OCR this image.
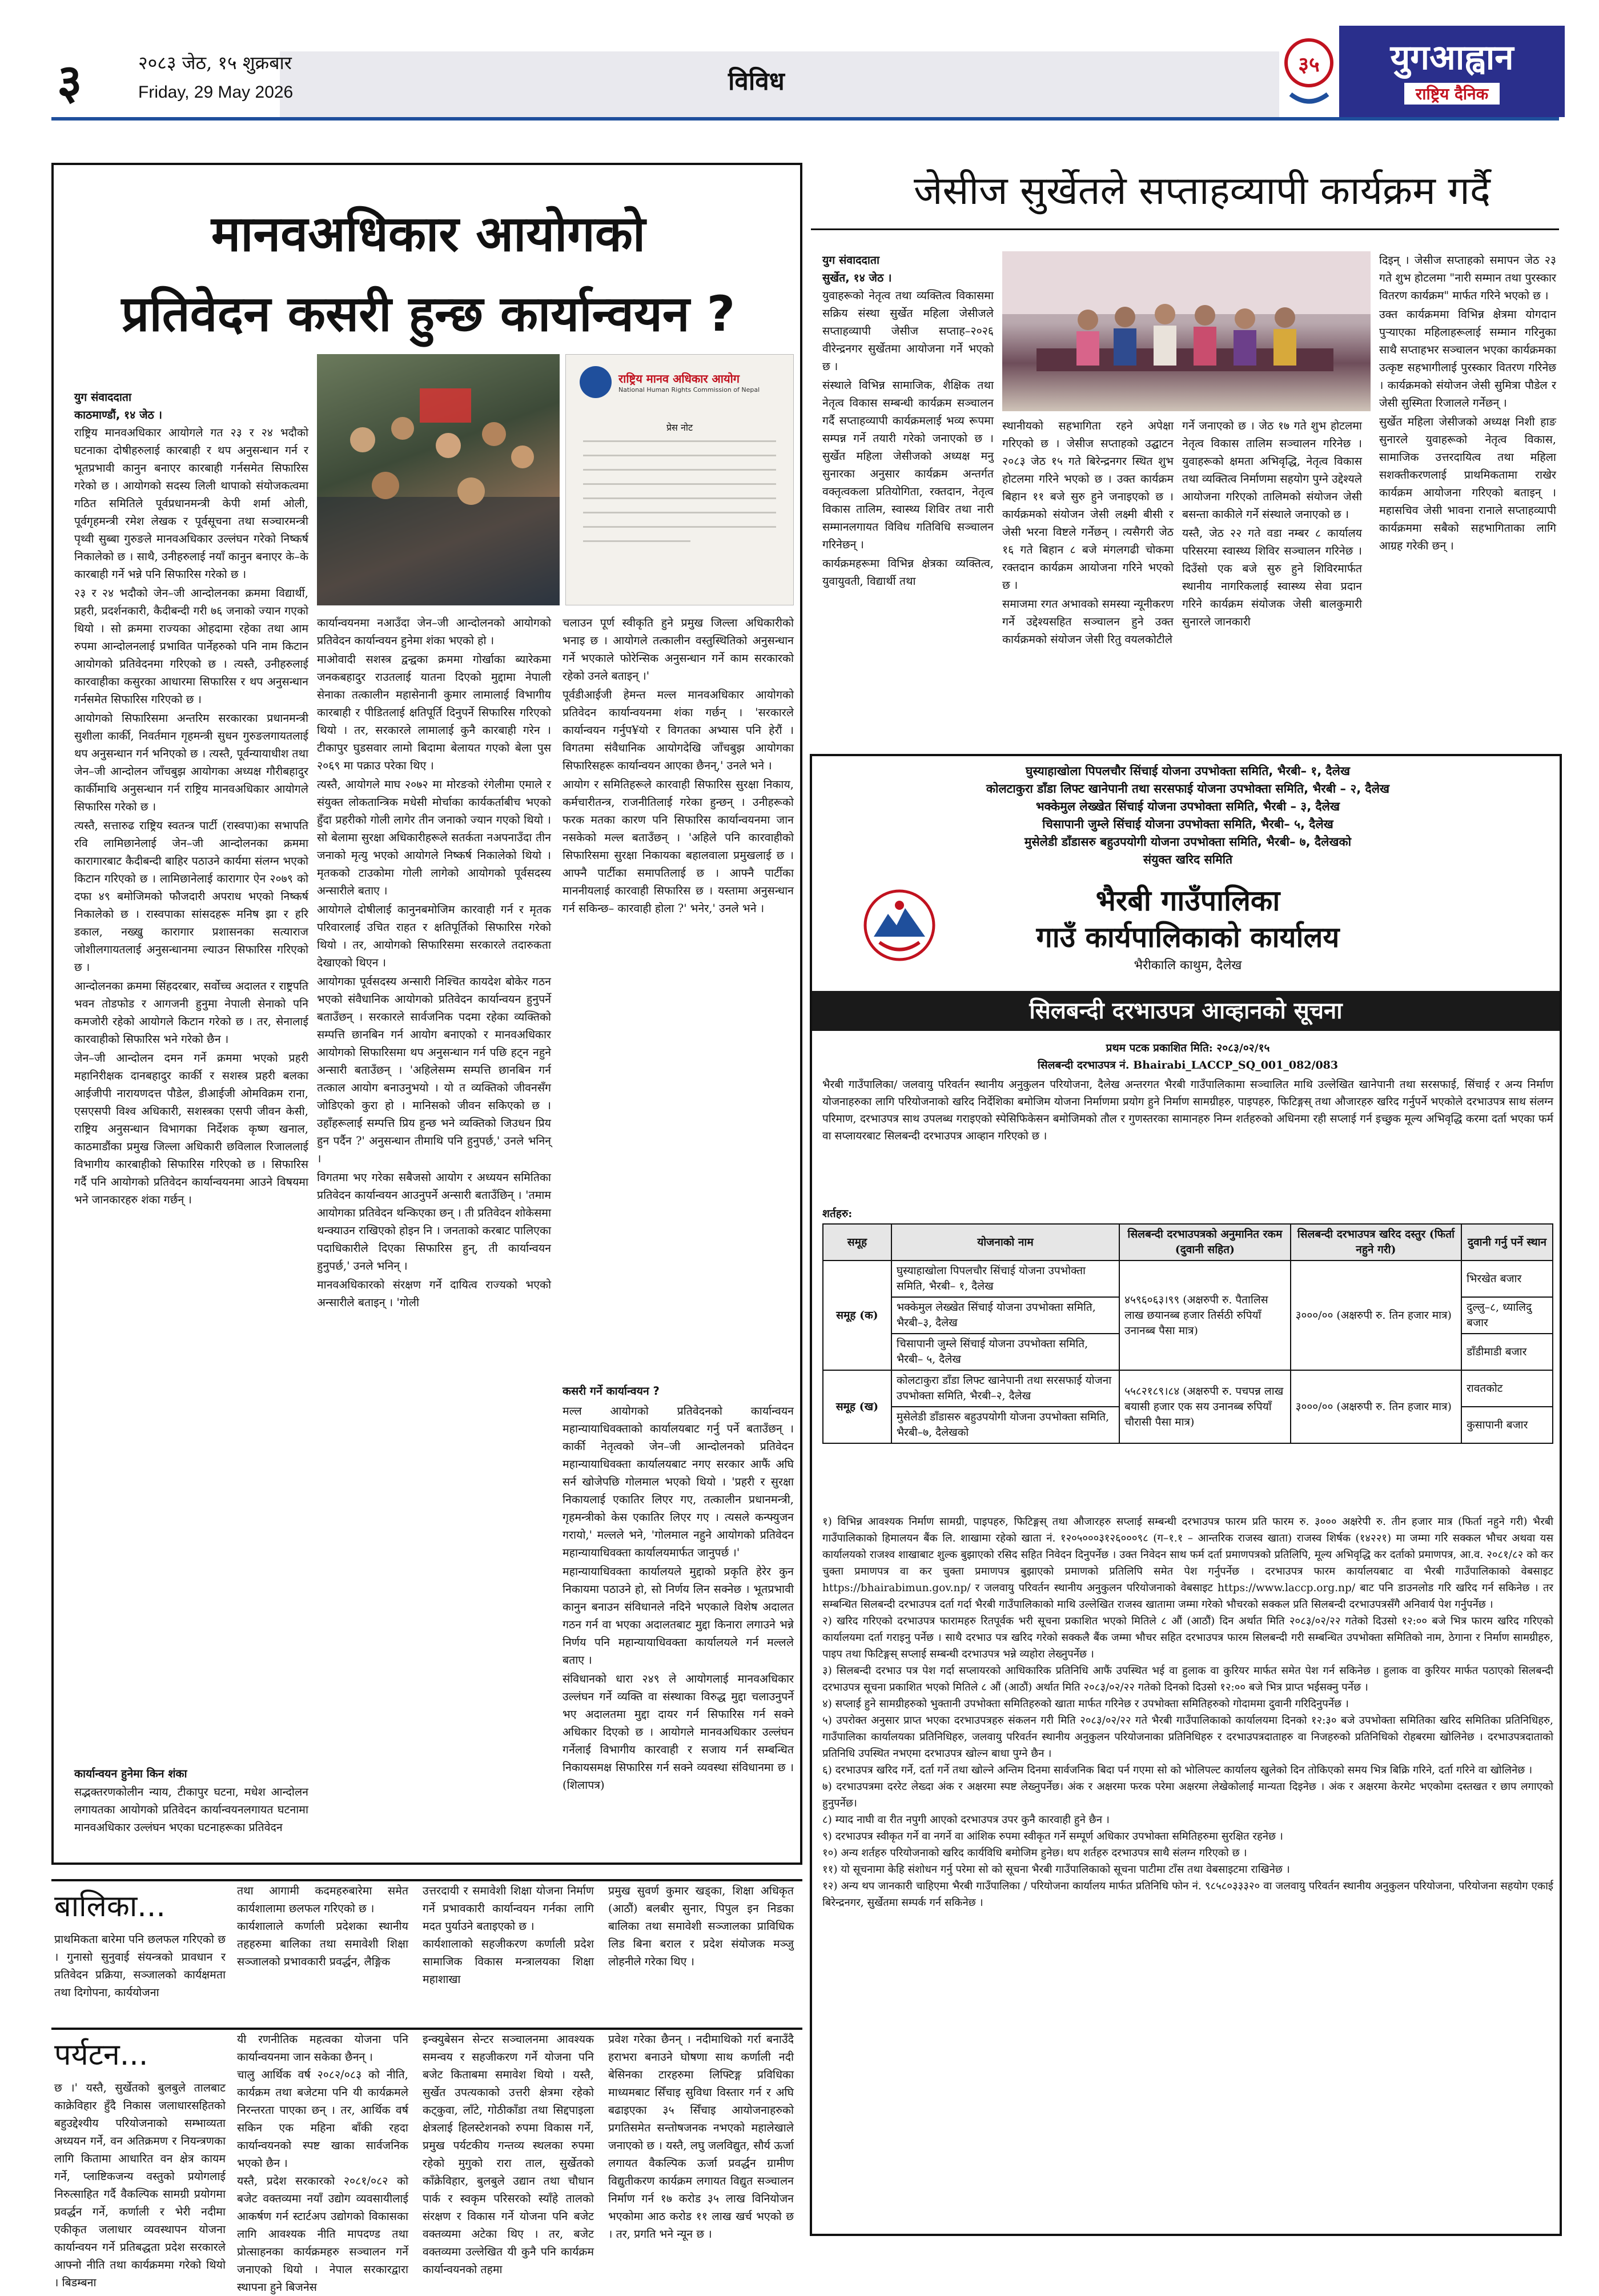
३	२०८३ जेठ, १५ शुक्रबार
Friday, 29 May 2026	विविध
३५	युगआह्वान
राष्ट्रिय दैनिक
मानवअधिकार आयोगको
प्रतिवेदन कसरी हुन्छ कार्यान्वयन ?
राष्ट्रिय मानव अधिकार आयोग
National Human Rights Commission of Nepal
प्रेस नोट
युग संवाददाता
काठमाण्डौं, १४ जेठ ।

राष्ट्रिय मानवअधिकार आयोगले गत २३ र २४ भदौको घटनाका दोषीहरुलाई कारबाही र थप अनुसन्धान गर्न र भूतप्रभावी कानुन बनाएर कारबाही गर्नसमेत सिफारिस गरेको छ । आयोगको सदस्य लिली थापाको संयोजकत्वमा गठित समितिले पूर्वप्रधानमन्त्री केपी शर्मा ओली, पूर्वगृहमन्त्री रमेश लेखक र पूर्वसूचना तथा सञ्चारमन्त्री पृथ्वी सुब्बा गुरुङले मानवअधिकार उल्लंघन गरेको निष्कर्ष निकालेको छ । साथै, उनीहरुलाई नयाँ कानुन बनाएर के–के कारबाही गर्ने भन्ने पनि सिफारिस गरेको छ ।

२३ र २४ भदौको जेन–जी आन्दोलनका क्रममा विद्यार्थी, प्रहरी, प्रदर्शनकारी, कैदीबन्दी गरी ७६ जनाको ज्यान गएको थियो । सो क्रममा राज्यका ओहदामा रहेका तथा आम रुपमा आन्दोलनलाई प्रभावित पार्नेहरुको पनि नाम किटान आयोगको प्रतिवेदनमा गरिएको छ । त्यस्तै, उनीहरुलाई कारवाहीका कसुरका आधारमा सिफारिस र थप अनुसन्धान गर्नसमेत सिफारिस गरिएको छ ।

आयोगको सिफारिसमा अन्तरिम सरकारका प्रधानमन्त्री सुशीला कार्की, निवर्तमान गृहमन्त्री सुधन गुरुङलगायतलाई थप अनुसन्धान गर्न भनिएको छ । त्यस्तै, पूर्वन्यायाधीश तथा जेन–जी आन्दोलन जाँचबुझ आयोगका अध्यक्ष गौरीबहादुर कार्कीमाथि अनुसन्धान गर्न राष्ट्रिय मानवअधिकार आयोगले सिफारिस गरेको छ ।

त्यस्तै, सत्तारुढ राष्ट्रिय स्वतन्त्र पार्टी (रास्वपा)का सभापति रवि लामिछानेलाई जेन–जी आन्दोलनका क्रममा कारागारबाट कैदीबन्दी बाहिर पठाउने कार्यमा संलग्न भएको किटान गरिएको छ । लामिछानेलाई कारागार ऐन २०७९ को दफा ४९ बमोजिमको फौजदारी अपराध भएको निष्कर्ष निकालेको छ । रास्वपाका सांसदहरू मनिष झा र हरि डकाल, नख्खु कारागार प्रशासनका सत्याराज जोशीलगायतलाई अनुसन्धानमा ल्याउन सिफारिस गरिएको छ ।

आन्दोलनका क्रममा सिंहदरबार, सर्वोच्च अदालत र राष्ट्रपति भवन तोडफोड र आगजनी हुनुमा नेपाली सेनाको पनि कमजोरी रहेको आयोगले किटान गरेको छ । तर, सेनालाई कारवाहीको सिफारिस भने गरेको छैन ।

जेन–जी आन्दोलन दमन गर्ने क्रममा भएको प्रहरी महानिरीक्षक दानबहादुर कार्की र सशस्त्र प्रहरी बलका आईजीपी नारायणदत्त पौडेल, डीआईजी ओमविक्रम राना, एसएसपी विश्व अधिकारी, सशस्त्रका एसपी जीवन केसी, राष्ट्रिय अनुसन्धान विभागका निर्देशक कृष्ण खनाल, काठमाडौंका प्रमुख जिल्ला अधिकारी छविलाल रिजाललाई विभागीय कारबाहीको सिफारिस गरिएको छ । सिफारिस गर्दै पनि आयोगको प्रतिवेदन कार्यान्वयनमा आउने विषयमा भने जानकारहरु शंका गर्छन् ।

कार्यान्वयन हुनेमा किन शंका
सद्भक्तरणकोलीन न्याय, टीकापुर घटना, मधेश आन्दोलन लगायतका आयोगको प्रतिवेदन कार्यान्वयनलगायत घटनामा मानवअधिकार उल्लंघन भएका घटनाहरूका प्रतिवेदन

कार्यान्वयनमा नआउँदा जेन–जी आन्दोलनको आयोगको प्रतिवेदन कार्यान्वयन हुनेमा शंका भएको हो ।

माओवादी सशस्त्र द्वन्द्वका क्रममा गोर्खाका ब्यारेकमा जनकबहादुर राउतलाई यातना दिएको मुद्दामा नेपाली सेनाका तत्कालीन महासेनानी कुमार लामालाई विभागीय कारबाही र पीडितलाई क्षतिपूर्ति दिनुपर्ने सिफारिस गरिएको थियो । तर, सरकारले लामालाई कुनै कारबाही गरेन । टीकापुर घुडसवार लामो बिदामा बेलायत गएको बेला पुस २०६९ मा पक्राउ परेका थिए ।

त्यस्तै, आयोगले माघ २०७२ मा मोरङको रंगेलीमा एमाले र संयुक्त लोकतान्त्रिक मधेसी मोर्चाका कार्यकर्ताबीच भएको हुँदा प्रहरीको गोली लागेर तीन जनाको ज्यान गएको थियो । सो बेलामा सुरक्षा अधिकारीहरूले सतर्कता नअपनाउँदा तीन जनाको मृत्यु भएको आयोगले निष्कर्ष निकालेको थियो । मृतकको टाउकोमा गोली लागेको आयोगको पूर्वसदस्य अन्सारीले बताए ।

आयोगले दोषीलाई कानुनबमोजिम कारवाही गर्न र मृतक परिवारलाई उचित राहत र क्षतिपूर्तिको सिफारिस गरेको थियो । तर, आयोगको सिफारिसमा सरकारले तदारुकता देखाएको थिएन ।

आयोगका पूर्वसदस्य अन्सारी निश्चित कायदेश बोकेर गठन भएको संवैधानिक आयोगको प्रतिवेदन कार्यान्वयन हुनुपर्ने बताउँछन् । सरकारले सार्वजनिक पदमा रहेका व्यक्तिको सम्पत्ति छानबिन गर्न आयोग बनाएको र मानवअधिकार आयोगको सिफारिसमा थप अनुसन्धान गर्न पछि हट्न नहुने अन्सारी बताउँछन् । 'अहिलेसम्म सम्पत्ति छानबिन गर्न तत्काल आयोग बनाउनुभयो । यो त व्यक्तिको जीवनसँग जोडिएको कुरा हो । मानिसको जीवन सकिएको छ । उहाँहरूलाई सम्पत्ति प्रिय हुन्छ भने व्यक्तिको जिउधन प्रिय हुन पर्दैन ?' अनुसन्धान तीमाथि पनि हुनुपर्छ,' उनले भनिन् ।

विगतमा भए गरेका सबैजसो आयोग र अध्ययन समितिका प्रतिवेदन कार्यान्वयन आउनुपर्ने अन्सारी बताउँछिन् । 'तमाम आयोगका प्रतिवेदन थन्किएका छन् । ती प्रतिवेदन शोकेसमा थन्क्याउन राखिएको होइन नि । जनताको करबाट पालिएका पदाधिकारीले दिएका सिफारिस हुन्, ती कार्यान्वयन हुनुपर्छ,' उनले भनिन् ।

मानवअधिकारको संरक्षण गर्ने दायित्व राज्यको भएको अन्सारीले बताइन् । 'गोली

चलाउन पूर्ण स्वीकृति हुने प्रमुख जिल्ला अधिकारीको भनाइ छ । आयोगले तत्कालीन वस्तुस्थितिको अनुसन्धान गर्ने भएकाले फोरेन्सिक अनुसन्धान गर्ने काम सरकारको रहेको उनले बताइन् ।'

पूर्वडीआईजी हेमन्त मल्ल मानवअधिकार आयोगको प्रतिवेदन कार्यान्वयनमा शंका गर्छन् । 'सरकारले कार्यान्वयन गर्नुप¥यो र विगतका अभ्यास पनि हेरौं । विगतमा संवैधानिक आयोगदेखि जाँचबुझ आयोगका सिफारिसहरू कार्यान्वयन आएका छैनन्,' उनले भने ।

आयोग र समितिहरूले कारवाही सिफारिस सुरक्षा निकाय, कर्मचारीतन्त्र, राजनीतिलाई गरेका हुन्छन् । उनीहरूको फरक मतका कारण पनि सिफारिस कार्यान्वयनमा जान नसकेको मल्ल बताउँछन् । 'अहिले पनि कारवाहीको सिफारिसमा सुरक्षा निकायका बहालवाला प्रमुखलाई छ । आफ्नै पार्टीका समापतिलाई छ । आफ्नै पार्टीका माननीयलाई कारवाही सिफारिस छ । यस्तामा अनुसन्धान गर्न सकिन्छ– कारवाही होला ?' भनेर,' उनले भने ।

कसरी गर्ने कार्यान्वयन ?

मल्ल आयोगको प्रतिवेदनको कार्यान्वयन महान्यायाधिवक्ताको कार्यालयबाट गर्नु पर्ने बताउँछन् । कार्की नेतृत्वको जेन–जी आन्दोलनको प्रतिवेदन महान्यायाधिवक्ता कार्यालयबाट नगए सरकार आफैं अघि सर्न खोजेपछि गोलमाल भएको थियो । 'प्रहरी र सुरक्षा निकायलाई एकातिर लिएर गए, तत्कालीन प्रधानमन्त्री, गृहमन्त्रीको केस एकातिर लिएर गए । त्यसले कन्फ्युजन गरायो,' मल्लले भने, 'गोलमाल नहुने आयोगको प्रतिवेदन महान्यायाधिवक्ता कार्यालयमार्फत जानुपर्छ ।'

महान्यायाधिवक्ता कार्यालयले मुद्दाको प्रकृति हेरेर कुन निकायमा पठाउने हो, सो निर्णय लिन सक्नेछ । भूतप्रभावी कानुन बनाउन संविधानले नदिने भएकाले विशेष अदालत गठन गर्न वा भएका अदालतबाट मुद्दा किनारा लगाउने भन्ने निर्णय पनि महान्यायाधिवक्ता कार्यालयले गर्न मल्लले बताए ।

संविधानको धारा २४९ ले आयोगलाई मानवअधिकार उल्लंघन गर्ने व्यक्ति वा संस्थाका विरुद्ध मुद्दा चलाउनुपर्ने भए अदालतमा मुद्दा दायर गर्न सिफारिस गर्न सक्ने अधिकार दिएको छ । आयोगले मानवअधिकार उल्लंघन गर्नेलाई विभागीय कारवाही र सजाय गर्न सम्बन्धित निकायसमक्ष सिफारिस गर्न सक्ने व्यवस्था संविधानमा छ । (शिलापत्र)

जेसीज सुर्खेतले सप्ताहव्यापी कार्यक्रम गर्दै
युग संवाददाता
सुर्खेत, १४ जेठ ।

युवाहरूको नेतृत्व तथा व्यक्तित्व विकासमा सक्रिय संस्था सुर्खेत महिला जेसीजले सप्ताहव्यापी जेसीज सप्ताह–२०२६ वीरेन्द्रनगर सुर्खेतमा आयोजना गर्ने भएको छ ।

संस्थाले विभिन्न सामाजिक, शैक्षिक तथा नेतृत्व विकास सम्बन्धी कार्यक्रम सञ्चालन गर्दै सप्ताहव्यापी कार्यक्रमलाई भव्य रूपमा सम्पन्न गर्ने तयारी गरेको जनाएको छ । सुर्खेत महिला जेसीजको अध्यक्ष मनु सुनारका अनुसार कार्यक्रम अन्तर्गत वक्तृत्वकला प्रतियोगिता, रक्तदान, नेतृत्व विकास तालिम, स्वास्थ्य शिविर तथा नारी सम्मानलगायत विविध गतिविधि सञ्चालन गरिनेछन् ।

कार्यक्रमहरूमा विभिन्न क्षेत्रका व्यक्तित्व, युवायुवती, विद्यार्थी तथा

स्थानीयको सहभागिता रहने अपेक्षा गरिएको छ । जेसीज सप्ताहको उद्घाटन २०८३ जेठ १५ गते बिरेन्द्रनगर स्थित शुभ होटलमा गरिने भएको छ । उक्त कार्यक्रम बिहान ११ बजे सुरु हुने जनाइएको छ । कार्यक्रमको संयोजन जेसी लक्ष्मी बीसी र जेसी भरना विष्टले गर्नेछन् । त्यसैगरी जेठ १६ गते बिहान ८ बजे मंगलगढी चोकमा रक्तदान कार्यक्रम आयोजना गरिने भएको छ ।

समाजमा रगत अभावको समस्या न्यूनीकरण गर्ने उद्देश्यसहित सञ्चालन हुने उक्त कार्यक्रमको संयोजन जेसी रितु वयलकोटीले

गर्ने जनाएको छ । जेठ १७ गते शुभ होटलमा नेतृत्व विकास तालिम सञ्चालन गरिनेछ । युवाहरूको क्षमता अभिवृद्धि, नेतृत्व विकास तथा व्यक्तित्व निर्माणमा सहयोग पुग्ने उद्देश्यले आयोजना गरिएको तालिमको संयोजन जेसी बसन्ता काकीले गर्ने संस्थाले जनाएको छ ।

यस्तै, जेठ २२ गते वडा नम्बर ८ कार्यालय परिसरमा स्वास्थ्य शिविर सञ्चालन गरिनेछ । दिउँसो एक बजे सुरु हुने शिविरमार्फत स्थानीय नागरिकलाई स्वास्थ्य सेवा प्रदान गरिने कार्यक्रम संयोजक जेसी बालकुमारी सुनारले जानकारी

दिइन् । जेसीज सप्ताहको समापन जेठ २३ गते शुभ होटलमा "नारी सम्मान तथा पुरस्कार वितरण कार्यक्रम" मार्फत गरिने भएको छ ।

उक्त कार्यक्रममा विभिन्न क्षेत्रमा योगदान पुर्‍याएका महिलाहरूलाई सम्मान गरिनुका साथै सप्ताहभर सञ्चालन भएका कार्यक्रमका उत्कृष्ट सहभागीलाई पुरस्कार वितरण गरिनेछ । कार्यक्रमको संयोजन जेसी सुमित्रा पौडेल र जेसी सुस्मिता रिजालले गर्नेछन् ।

सुर्खेत महिला जेसीजको अध्यक्ष निशी हाङ सुनारले युवाहरूको नेतृत्व विकास, सामाजिक उत्तरदायित्व तथा महिला सशक्तीकरणलाई प्राथमिकतामा राखेर कार्यक्रम आयोजना गरिएको बताइन् । महासचिव जेसी भावना रानाले सप्ताहव्यापी कार्यक्रममा सबैको सहभागिताका लागि आग्रह गरेकी छन् ।

घुस्याहाखोला पिपलचौर सिंचाई योजना उपभोक्ता समिति, भैरबी– १, दैलेख
कोलटाकुरा डाँडा लिफ्ट खानेपानी तथा सरसफाई योजना उपभोक्ता समिति, भैरबी – २, दैलेख
भक्केमुल लेख्खेत सिंचाई योजना उपभोक्ता समिति, भैरबी – ३, दैलेख
चिसापानी जुम्ले सिंचाई योजना उपभोक्ता समिति, भैरबी– ५, दैलेख
मुसेलेडी डाँडासरु बहुउपयोगी योजना उपभोक्ता समिति, भैरबी– ७, दैलेखको
संयुक्त खरिद समिति
भैरबी गाउँपालिका
गाउँ कार्यपालिकाको कार्यालय
भैरीकालि काथुम, दैलेख
सिलबन्दी दरभाउपत्र आव्हानको सूचना
प्रथम पटक प्रकाशित मिति: २०८३/०२/१५
सिलबन्दी दरभाउपत्र नं. Bhairabi_LACCP_SQ_001_082/083
भैरबी गाउँपालिका/ जलवायु परिवर्तन स्थानीय अनुकुलन परियोजना, दैलेख अन्तरगत भैरबी गाउँपालिकामा सञ्चालित माथि उल्लेखित खानेपानी तथा सरसफाई, सिंचाई र अन्य निर्माण योजनाहरुका लागि परियोजनाको खरिद निर्देशिका बमोजिम योजना निर्माणमा प्रयोग हुने निर्माण सामग्रीहरु, पाइपहरु, फिटिङ्गस् तथा औजारहरु खरिद गर्नुपर्ने भएकोले दरभाउपत्र साथ संलग्न परिमाण, दरभाउपत्र साथ उपलब्ध गराइएको स्पेसिफिकेसन बमोजिमको तौल र गुणस्तरका सामानहरु निम्न शर्तहरुको अधिनमा रही सप्लाई गर्न इच्छुक मूल्य अभिवृद्धि करमा दर्ता भएका फर्म वा सप्लायरबाट सिलबन्दी दरभाउपत्र आव्हान गरिएको छ ।
शर्तहरु:
समूह	योजनाको नाम	सिलबन्दी दरभाउपत्रको अनुमानित रकम (दुवानी सहित)	सिलबन्दी दरभाउपत्र खरिद दस्तुर (फिर्ता नहुने गरी)	दुवानी गर्नु पर्ने स्थान
समूह (क)	घुस्याहाखोला पिपलचौर सिंचाई योजना उपभोक्ता समिति, भैरबी– १, दैलेख	४५९६०६३।९९ (अक्षरुपी रु. पैतालिस लाख छयानब्ब हजार तिर्सठी रुपियाँ उनानब्ब पैसा मात्र)	३०००/०० (अक्षरुपी रु. तिन हजार मात्र)	भिरखेत बजार
	भक्केमुल लेख्खेत सिंचाई योजना उपभोक्ता समिति, भैरबी–३, दैलेख			दुल्लु–८, ध्यालिदु बजार
	चिसापानी जुम्ले सिंचाई योजना उपभोक्ता समिति, भैरबी– ५, दैलेख			डाँडीमाडी बजार
समूह (ख)	कोलटाकुरा डाँडा लिफ्ट खानेपानी तथा सरसफाई योजना उपभोक्ता समिति, भैरबी–२, दैलेख	५५८२१८९।८४ (अक्षरुपी रु. पचपन्न लाख बयासी हजार एक सय उनानब्ब रुपियाँ चौरासी पैसा मात्र)	३०००/०० (अक्षरुपी रु. तिन हजार मात्र)	रावतकोट
	मुसेलेडी डाँडासरु बहुउपयोगी योजना उपभोक्ता समिति, भैरबी–७, दैलेखको			कुसापानी बजार

१) विभिन्न आवश्यक निर्माण सामग्री, पाइपहरु, फिटिङ्गस् तथा औजारहरु सप्लाई सम्बन्धी दरभाउपत्र फारम प्रति फारम रु. ३००० अक्षरेपी रु. तीन हजार मात्र (फिर्ता नहुने गरी) भैरबी गाउँपालिकाको हिमालयन बैंक लि. शाखामा रहेको खाता नं. १२०५०००३१२६०००९८ (ग–१.१ – आन्तरिक राजस्व खाता) राजस्व शिर्षक (१४२२१) मा जम्मा गरि सक्कल भौचर अथवा यस कार्यालयको राजश्व शाखाबाट शुल्क बुझाएको रसिद सहित निवेदन दिनुपर्नेछ । उक्त निवेदन साथ फर्म दर्ता प्रमाणपत्रको प्रतिलिपि, मूल्य अभिवृद्धि कर दर्ताको प्रमाणपत्र, आ.व. २०८१/८२ को कर चुक्ता प्रमाणपत्र वा कर चुक्ता प्रमाणपत्र बुझाएको प्रमाणको प्रतिलिपि समेत पेश गर्नुपर्नेछ । दरभाउपत्र फारम कार्यालयबाट वा भैरबी गाउँपालिकाको वेबसाइट https://bhairabimun.gov.np/ र जलवायु परिवर्तन स्थानीय अनुकुलन परियोजनाको वेबसाइट https://www.laccp.org.np/ बाट पनि डाउनलोड गरि खरिद गर्न सकिनेछ । तर सम्बन्धित सिलबन्दी दरभाउपत्र दर्ता गर्दा भैरबी गाउँपालिकाको माथि उल्लेखित राजस्व खातामा जम्मा गरेको भौचरको सक्कल प्रति सिलबन्दी दरभाउपत्रसँगै अनिवार्य पेश गर्नुपर्नेछ ।

२) खरिद गरिएको दरभाउपत्र फारामहरु रितपूर्वक भरी सूचना प्रकाशित भएको मितिले ८ औं (आठौं) दिन अर्थात मिति २०८३/०२/२२ गतेको दिउसो १२:०० बजे भित्र फारम खरिद गरिएको कार्यालयमा दर्ता गराइनु पर्नेछ । साथै दरभाउ पत्र खरिद गरेको सक्कलै बैंक जम्मा भौचर सहित दरभाउपत्र फारम सिलबन्दी गरी सम्बन्धित उपभोक्ता समितिको नाम, ठेगाना र निर्माण सामग्रीहरु, पाइप तथा फिटिङ्गस् सप्लाई सम्बन्धी दरभाउपत्र भन्ने व्यहोरा लेख्नुपर्नेछ ।

३) सिलबन्दी दरभाउ पत्र पेश गर्दा सप्लायरको आधिकारिक प्रतिनिधि आफैं उपस्थित भई वा हुलाक वा कुरियर मार्फत समेत पेश गर्न सकिनेछ । हुलाक वा कुरियर मार्फत पठाएको सिलबन्दी दरभाउपत्र सूचना प्रकाशित भएको मितिले ८ औं (आठौं) अर्थात मिति २०८३/०२/२२ गतेको दिनको दिउसो १२:०० बजे भित्र प्राप्त भईसक्नु पर्नेछ ।

४) सप्लाई हुने सामग्रीहरुको भुक्तानी उपभोक्ता समितिहरुको खाता मार्फत गरिनेछ र उपभोक्ता समितिहरुको गोदाममा दुवानी गरिदिनुपर्नेछ ।

५) उपरोक्त अनुसार प्राप्त भएका दरभाउपत्रहरु संकलन गरी मिति २०८३/०२/२२ गते भैरबी गाउँपालिकाको कार्यालयमा दिनको १२:३० बजे उपभोक्ता समितिका खरिद समितिका प्रतिनिधिहरु, गाउँपालिका कार्यालयका प्रतिनिधिहरु, जलवायु परिवर्तन स्थानीय अनुकुलन परियोजनाका प्रतिनिधिहरु र दरभाउपत्रदाताहरु वा निजहरुको प्रतिनिधिको रोहबरमा खोलिनेछ । दरभाउपत्रदाताको प्रतिनिधि उपस्थित नभएमा दरभाउपत्र खोल्न बाधा पुग्ने छैन ।

६) दरभाउपत्र खरिद गर्ने, दर्ता गर्ने तथा खोल्ने अन्तिम दिनमा सार्वजनिक बिदा पर्न गएमा सो को भोलिपल्ट कार्यालय खुलेको दिन तोकिएको समय भित्र बिक्रि गरिने, दर्ता गरिने वा खोलिनेछ ।

७) दरभाउपत्रमा दररेट लेख्दा अंक र अक्षरमा स्पष्ट लेख्नुपर्नेछ। अंक र अक्षरमा फरक परेमा अक्षरमा लेखेकोलाई मान्यता दिइनेछ । अंक र अक्षरमा केरमेट भएकोमा दस्तखत र छाप लगाएको हुनुपर्नेछ।

८) म्याद नाघी वा रीत नपुगी आएको दरभाउपत्र उपर कुनै कारवाही हुने छैन ।

९) दरभाउपत्र स्वीकृत गर्ने वा नगर्ने वा आंशिक रुपमा स्वीकृत गर्ने सम्पूर्ण अधिकार उपभोक्ता समितिहरुमा सुरक्षित रहनेछ ।

१०) अन्य शर्तहरु परियोजनाको खरिद कार्यविधि बमोजिम हुनेछ। थप शर्तहरु दरभाउपत्र साथै संलग्न गरिएको छ ।

११) यो सूचनामा केहि संशोधन गर्नु परेमा सो को सूचना भैरबी गाउँपालिकाको सूचना पाटीमा टाँस तथा वेबसाइटमा राखिनेछ ।

१२) अन्य थप जानकारी चाहिएमा भैरबी गाउँपालिका / परियोजना कार्यालय मार्फत प्रतिनिधि फोन नं. ९८५८०३३३२० वा जलवायु परिवर्तन स्थानीय अनुकुलन परियोजना, परियोजना सहयोग एकाई बिरेन्द्रनगर, सुर्खेतमा सम्पर्क गर्न सकिनेछ ।

बालिका...
प्राथमिकता बारेमा पनि छलफल गरिएको छ । गुनासो सुनुवाई संयन्त्रको प्रावधान र प्रतिवेदन प्रक्रिया, सञ्जालको कार्यक्षमता तथा दिगोपना, कार्ययोजना
तथा आगामी कदमहरुबारेमा समेत कार्यशालामा छलफल गरिएको छ ।
कार्यशालाले कर्णाली प्रदेशका स्थानीय तहहरुमा बालिका तथा समावेशी शिक्षा सञ्जालको प्रभावकारी प्रवर्द्धन, लैङ्गिक
उत्तरदायी र समावेशी शिक्षा योजना निर्माण गर्ने प्रभावकारी कार्यान्वयन गर्नका लागि मदत पुर्याउने बताइएको छ ।
कार्यशालाको सहजीकरण कर्णाली प्रदेश सामाजिक विकास मन्त्रालयका शिक्षा महाशाखा
प्रमुख सुवर्ण कुमार खड्का, शिक्षा अधिकृत (आठौं) बलबीर सुनार, पिपुल इन निडका बालिका तथा समावेशी सञ्जालका प्राविधिक लिड बिना बराल र प्रदेश संयोजक मञ्जु लोहनीले गरेका थिए ।
पर्यटन...
छ ।' यस्तै, सुर्खेतको बुलबुले तालबाट काक्रेविहार हुँदै निकास जलाधारसहितको बहुउद्देश्यीय परियोजनाको सम्भाव्यता अध्ययन गर्ने, वन अतिक्रमण र नियन्त्रणका लागि कितामा आधारित वन क्षेत्र कायम गर्ने, प्लाष्टिकजन्य वस्तुको प्रयोगलाई निरुत्साहित गर्दै वैकल्पिक सामग्री प्रयोगमा प्रवर्द्धन गर्ने, कर्णाली र भेरी नदीमा एकीकृत जलाधार व्यवस्थापन योजना कार्यान्वयन गर्ने प्रतिबद्धता प्रदेश सरकारले आफ्नो नीति तथा कार्यक्रममा गरेको थियो । बिडम्बना
यी रणनीतिक महत्वका योजना पनि कार्यान्वयनमा जान सकेका छैनन् ।
चालु आर्थिक वर्ष २०८२/०८३ को नीति, कार्यक्रम तथा बजेटमा पनि यी कार्यक्रमले निरन्तरता पाएका छन् । तर, आर्थिक वर्ष सकिन एक महिना बाँकी रहदा कार्यान्वयनको स्पष्ट खाका सार्वजनिक भएको छैन ।
यस्तै, प्रदेश सरकारको २०८१/०८२ को बजेट वक्तव्यमा नयाँ उद्योग व्यवसायीलाई आकर्षण गर्न स्टार्टअप उद्योगको विकासका लागि आवश्यक नीति मापदण्ड तथा प्रोत्साहनका कार्यक्रमहरु सञ्चालन गर्ने जनाएको थियो । नेपाल सरकारद्वारा स्थापना हुने बिजनेस
इन्क्युबेसन सेन्टर सञ्चालनमा आवश्यक समन्वय र सहजीकरण गर्ने योजना पनि बजेट किताबमा समावेश थियो । यस्तै, सुर्खेत उपत्यकाको उत्तरी क्षेत्रमा रहेको कट्कुवा, लाँटे, गोठीकाँडा तथा सिद्दपाइला क्षेत्रलाई हिलस्टेशनको रुपमा विकास गर्ने, प्रमुख पर्यटकीय गन्तव्य स्थलका रुपमा रहेको मुगुको रारा ताल, सुर्खेतको काँक्रेविहार, बुलबुले उद्यान तथा चौधान पार्क र स्वकृम परिसरको स्याँहे तालको संरक्षण र विकास गर्ने योजना पनि बजेट वक्तव्यमा अटेका थिए । तर, बजेट वक्तव्यमा उल्लेखित यी कुनै पनि कार्यक्रम कार्यान्वयनको तहमा
प्रवेश गरेका छैनन् । नदीमाथिको गर्रा बनाउँदै हराभरा बनाउने घोषणा साथ कर्णाली नदी बेसिनका टारहरुमा लिफ्टिङ्ग प्रविधिका माध्यमबाट सिँचाइ सुविधा विस्तार गर्न र अघि बढाइएका ३५ सिँचाइ आयोजनाहरुको प्रगतिसमेत सन्तोषजनक नभएको महालेखाले जनाएको छ । यस्तै, लघु जलविद्युत, सौर्य ऊर्जा लगायत वैकल्पिक ऊर्जा प्रवर्द्धन ग्रामीण विद्युतीकरण कार्यक्रम लगायत विद्युत सञ्चालन निर्माण गर्न १७ करोड ३५ लाख विनियोजन भएकोमा आठ करोड ११ लाख खर्च भएको छ । तर, प्रगति भने न्यून छ ।
